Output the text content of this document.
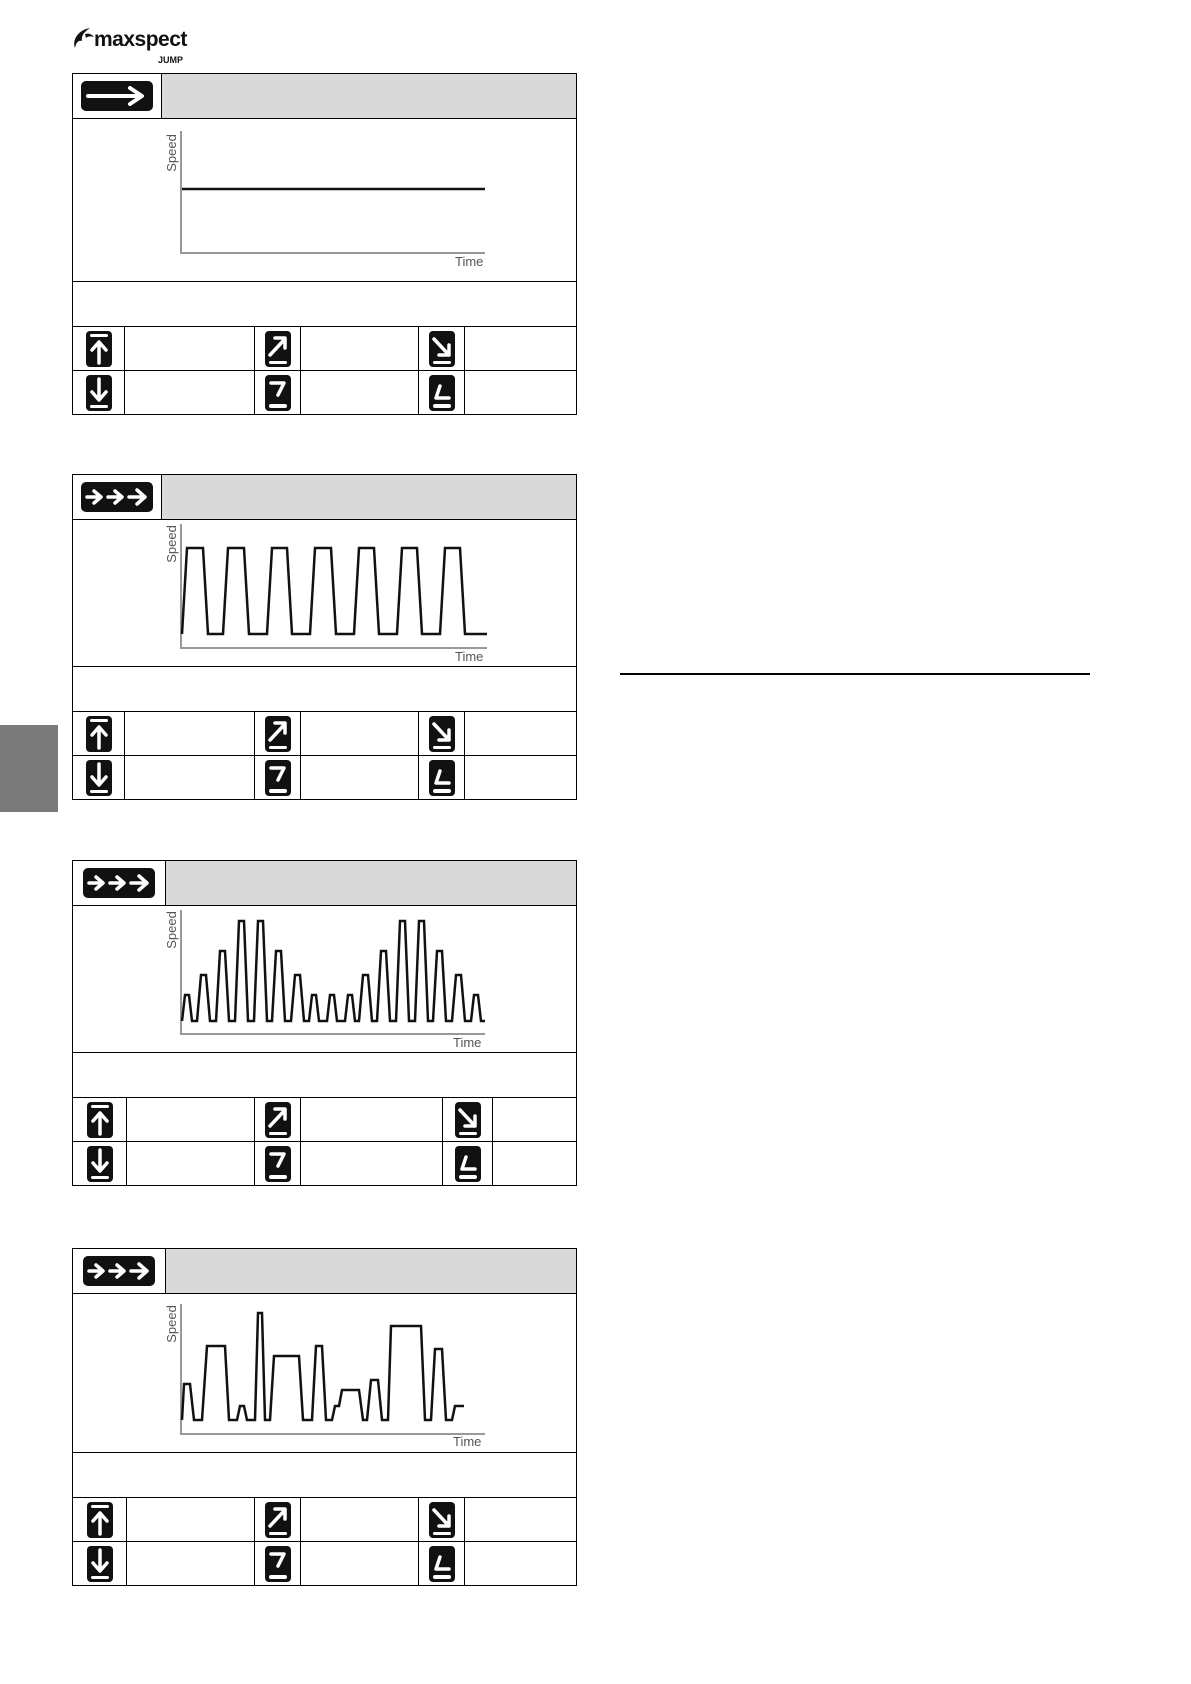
maxspect
JUMP
Speed
Time
Speed
Time
Speed
Time
Speed
Time
